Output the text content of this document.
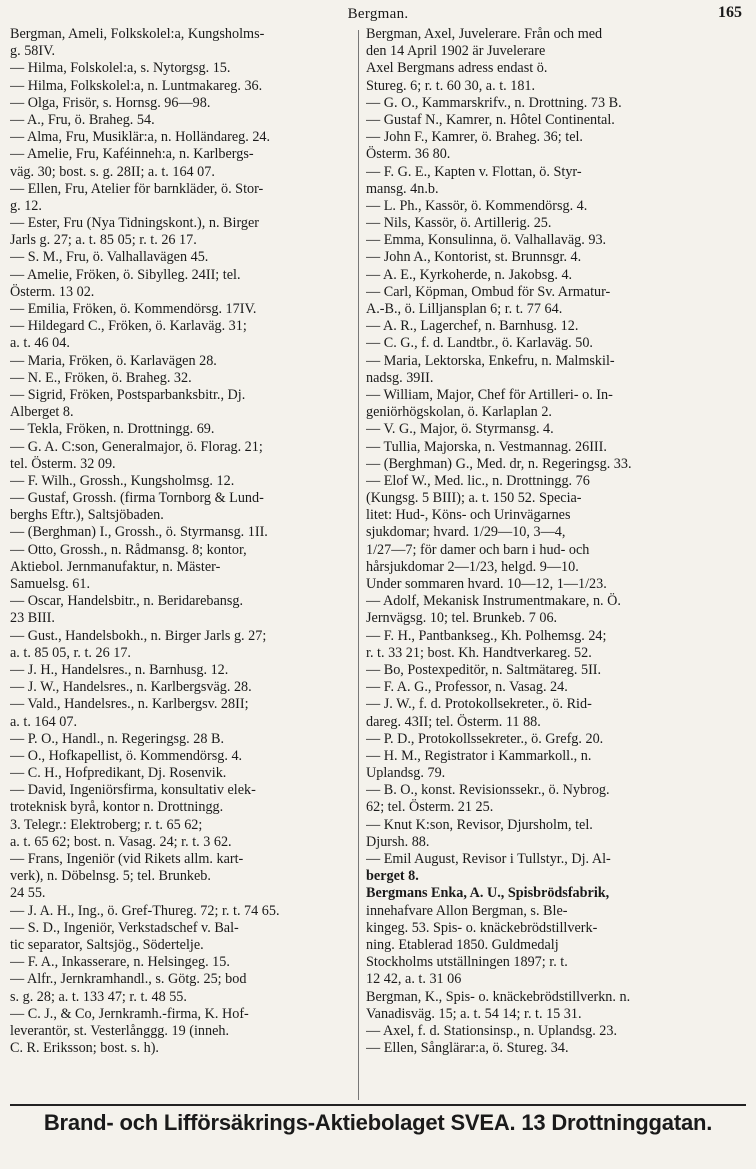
Bergman.	165
Bergman, Ameli, Folkskolel:a, Kungsholms-
g. 58IV.
— Hilma, Folskolel:a, s. Nytorgsg. 15.
— Hilma, Folkskolel:a, n. Luntmakareg. 36.
— Olga, Frisör, s. Hornsg. 96—98.
— A., Fru, ö. Braheg. 54.
— Alma, Fru, Musiklär:a, n. Holländareg. 24.
— Amelie, Fru, Kaféinneh:a, n. Karlbergs-
väg. 30; bost. s. g. 28II; a. t. 164 07.
— Ellen, Fru, Atelier för barnkläder, ö. Stor-
g. 12.
— Ester, Fru (Nya Tidningskont.), n. Birger
Jarls g. 27; a. t. 85 05; r. t. 26 17.
— S. M., Fru, ö. Valhallavägen 45.
— Amelie, Fröken, ö. Sibylleg. 24II; tel.
Österm. 13 02.
— Emilia, Fröken, ö. Kommendörsg. 17IV.
— Hildegard C., Fröken, ö. Karlaväg. 31;
a. t. 46 04.
— Maria, Fröken, ö. Karlavägen 28.
— N. E., Fröken, ö. Braheg. 32.
— Sigrid, Fröken, Postsparbanksbitr., Dj.
Alberget 8.
— Tekla, Fröken, n. Drottningg. 69.
— G. A. C:son, Generalmajor, ö. Florag. 21;
tel. Österm. 32 09.
— F. Wilh., Grossh., Kungsholmsg. 12.
— Gustaf, Grossh. (firma Tornborg & Lund-
berghs Eftr.), Saltsjöbaden.
— (Berghman) I., Grossh., ö. Styrmansg. 1II.
— Otto, Grossh., n. Rådmansg. 8; kontor,
Aktiebol. Jernmanufaktur, n. Mäster-
Samuelsg. 61.
— Oscar, Handelsbitr., n. Beridarebansg.
23 BIII.
— Gust., Handelsbokh., n. Birger Jarls g. 27;
a. t. 85 05, r. t. 26 17.
— J. H., Handelsres., n. Barnhusg. 12.
— J. W., Handelsres., n. Karlbergsväg. 28.
— Vald., Handelsres., n. Karlbergsv. 28II;
a. t. 164 07.
— P. O., Handl., n. Regeringsg. 28 B.
— O., Hofkapellist, ö. Kommendörsg. 4.
— C. H., Hofpredikant, Dj. Rosenvik.
— David, Ingeniörsfirma, konsultativ elek-
troteknisk byrå, kontor n. Drottningg.
3. Telegr.: Elektroberg; r. t. 65 62;
a. t. 65 62; bost. n. Vasag. 24; r. t. 3 62.
— Frans, Ingeniör (vid Rikets allm. kart-
verk), n. Döbelnsg. 5; tel. Brunkeb.
24 55.
— J. A. H., Ing., ö. Gref-Thureg. 72; r. t. 74 65.
— S. D., Ingeniör, Verkstadschef v. Bal-
tic separator, Saltsjög., Södertelje.
— F. A., Inkasserare, n. Helsingeg. 15.
— Alfr., Jernkramhandl., s. Götg. 25; bod
s. g. 28; a. t. 133 47; r. t. 48 55.
— C. J., & Co, Jernkramh.-firma, K. Hof-
leverantör, st. Vesterlånggg. 19 (inneh.
C. R. Eriksson; bost. s. h).
Bergman, Axel, Juvelerare. Från och med
den 14 April 1902 är Juvelerare
Axel Bergmans adress endast ö.
Stureg. 6; r. t. 60 30, a. t. 181.
— G. O., Kammarskrifv., n. Drottning. 73 B.
— Gustaf N., Kamrer, n. Hôtel Continental.
— John F., Kamrer, ö. Braheg. 36; tel.
Österm. 36 80.
— F. G. E., Kapten v. Flottan, ö. Styr-
mansg. 4n.b.
— L. Ph., Kassör, ö. Kommendörsg. 4.
— Nils, Kassör, ö. Artillerig. 25.
— Emma, Konsulinna, ö. Valhallaväg. 93.
— John A., Kontorist, st. Brunnsgr. 4.
— A. E., Kyrkoherde, n. Jakobsg. 4.
— Carl, Köpman, Ombud för Sv. Armatur-
A.-B., ö. Lilljansplan 6; r. t. 77 64.
— A. R., Lagerchef, n. Barnhusg. 12.
— C. G., f. d. Landtbr., ö. Karlaväg. 50.
— Maria, Lektorska, Enkefru, n. Malmskil-
nadsg. 39II.
— William, Major, Chef för Artilleri- o. In-
geniörhögskolan, ö. Karlaplan 2.
— V. G., Major, ö. Styrmansg. 4.
— Tullia, Majorska, n. Vestmannag. 26III.
— (Berghman) G., Med. dr, n. Regeringsg. 33.
— Elof W., Med. lic., n. Drottningg. 76
(Kungsg. 5 BIII); a. t. 150 52. Specia-
litet: Hud-, Köns- och Urinvägarnes
sjukdomar; hvard. 1/29—10, 3—4,
1/27—7; för damer och barn i hud- och
hårsjukdomar 2—1/23, helgd. 9—10.
Under sommaren hvard. 10—12, 1—1/23.
— Adolf, Mekanisk Instrumentmakare, n. Ö.
Jernvägsg. 10; tel. Brunkeb. 7 06.
— F. H., Pantbankseg., Kh. Polhemsg. 24;
r. t. 33 21; bost. Kh. Handtverkareg. 52.
— Bo, Postexpeditör, n. Saltmätareg. 5II.
— F. A. G., Professor, n. Vasag. 24.
— J. W., f. d. Protokollsekreter., ö. Rid-
dareg. 43II; tel. Österm. 11 88.
— P. D., Protokollssekreter., ö. Grefg. 20.
— H. M., Registrator i Kammarkoll., n.
Uplandsg. 79.
— B. O., konst. Revisionssekr., ö. Nybrog.
62; tel. Österm. 21 25.
— Knut K:son, Revisor, Djursholm, tel.
Djursh. 88.
— Emil August, Revisor i Tullstyr., Dj. Al-
berget 8.
Bergmans Enka, A. U., Spisbrödsfabrik,
innehafvare Allon Bergman, s. Ble-
kingeg. 53. Spis- o. knäckebrödstillverk-
ning. Etablerad 1850. Guldmedalj
Stockholms utställningen 1897; r. t.
12 42, a. t. 31 06
Bergman, K., Spis- o. knäckebrödstillverkn. n.
Vanadisväg. 15; a. t. 54 14; r. t. 15 31.
— Axel, f. d. Stationsinsp., n. Uplandsg. 23.
— Ellen, Sånglärar:a, ö. Stureg. 34.
Brand- och Lifförsäkrings-Aktiebolaget SVEA. 13 Drottninggatan.
